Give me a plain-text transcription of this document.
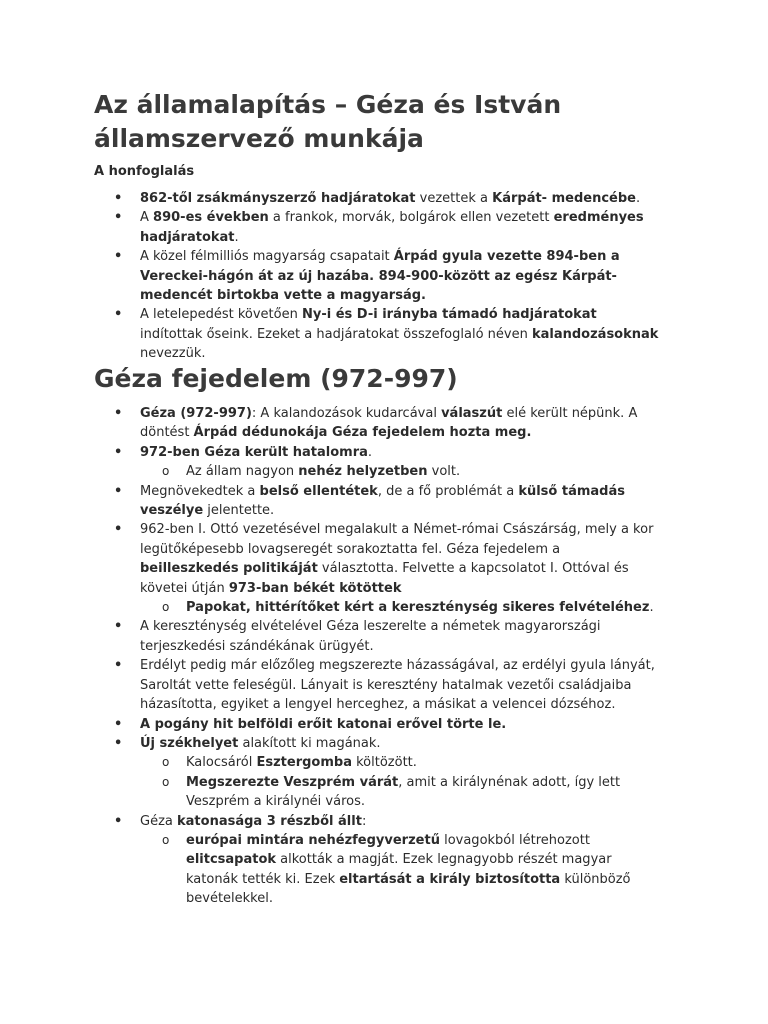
Az államalapítás – Géza és István államszervező munkája

A honfoglalás

• 862-től zsákmányszerző hadjáratokat vezettek a Kárpát- medencébe.
• A 890-es években a frankok, morvák, bolgárok ellen vezetett eredményes hadjáratokat.
• A közel félmilliós magyarság csapatait Árpád gyula vezette 894-ben a Vereckei-hágón át az új hazába. 894-900-között az egész Kárpát-medencét birtokba vette a magyarság.
• A letelepedést követően Ny-i és D-i irányba támadó hadjáratokat indítottak őseink. Ezeket a hadjáratokat összefoglaló néven kalandozásoknak nevezzük.
Géza fejedelem (972-997)
• Géza (972-997): A kalandozások kudarcával válaszút elé került népünk. A döntést Árpád dédunokája Géza fejedelem hozta meg.
• 972-ben Géza került hatalomra.
o Az állam nagyon nehéz helyzetben volt.
• Megnövekedtek a belső ellentétek, de a fő problémát a külső támadás veszélye jelentette.
• 962-ben I. Ottó vezetésével megalakult a Német-római Császárság, mely a kor legütőképesebb lovagseregét sorakoztatta fel. Géza fejedelem a beilleszkedés politikáját választotta. Felvette a kapcsolatot I. Ottóval és követei útján 973-ban békét kötöttek
o Papokat, hittérítőket kért a kereszténység sikeres felvételéhez.
• A kereszténység elvételével Géza leszerelte a németek magyarországi terjeszkedési szándékának ürügyét.
• Erdélyt pedig már előzőleg megszerezte házasságával, az erdélyi gyula lányát, Saroltát vette feleségül. Lányait is keresztény hatalmak vezetői családjaiba házasította, egyiket a lengyel herceghez, a másikat a velencei dózséhoz.
• A pogány hit belföldi erőit katonai erővel törte le.
• Új székhelyet alakított ki magának.
o Kalocsáról Esztergomba költözött.
o Megszerezte Veszprém várát, amit a királynénak adott, így lett Veszprém a királynéi város.
• Géza katonasága 3 részből állt:
o európai mintára nehézfegyverzetű lovagokból létrehozott elitcsapatok alkották a magját. Ezek legnagyobb részét magyar katonák tették ki. Ezek eltartását a király biztosította különböző bevételekkel.
